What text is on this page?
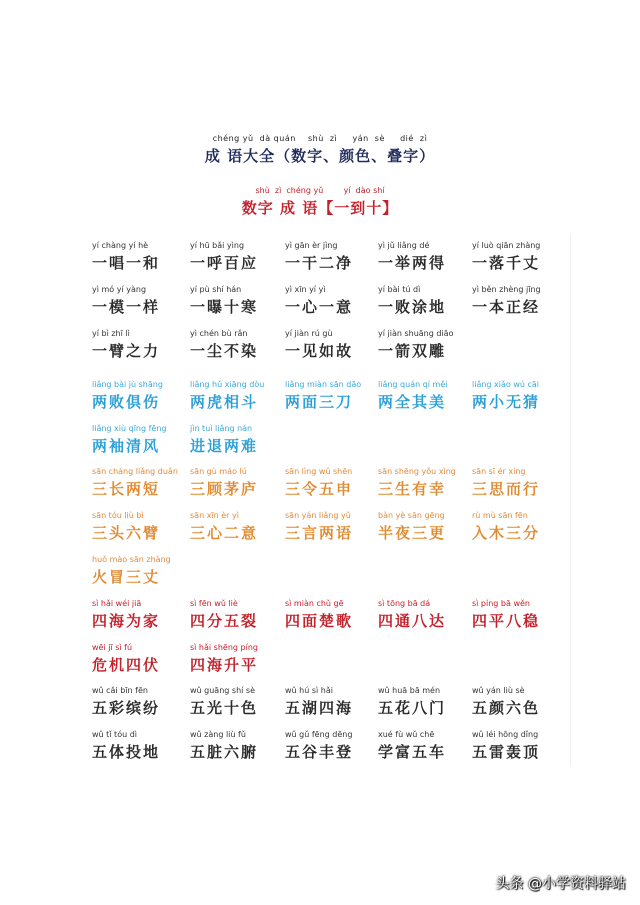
chéng yǔ  dà quán    shù  zì     yán  sè     dié  zì
成 语大全（数字、颜色、叠字）
shù  zì  chéng yǔ        yí  dào shí
数字 成 语【一到十】
yí chàng yí hè
一唱一和
yí hū bǎi yìng
一呼百应
yì gān èr jìng
一干二净
yì jǔ liǎng dé
一举两得
yí luò qiān zhàng
一落千丈
yì mó yí yàng
一模一样
yí pù shí hán
一曝十寒
yì xīn yí yì
一心一意
yí bài tú dì
一败涂地
yì běn zhèng jīng
一本正经
yí bì zhī lì
一臂之力
yì chén bù rǎn
一尘不染
yí jiàn rú gù
一见如故
yí jiàn shuāng diāo
一箭双雕
liǎng bài jù shāng
两败俱伤
liǎng hǔ xiāng dòu
两虎相斗
liǎng miàn sān dāo
两面三刀
liǎng quán qí měi
两全其美
liǎng xiǎo wú cāi
两小无猜
liǎng xiù qīng fēng
两袖清风
jìn tuì liǎng nán
进退两难
sān cháng liǎng duǎn
三长两短
sān gù máo lú
三顾茅庐
sān lìng wǔ shēn
三令五申
sān shēng yǒu xìng
三生有幸
sān sī ér xíng
三思而行
sān tóu liù bì
三头六臂
sān xīn èr yì
三心二意
sān yán liǎng yǔ
三言两语
bàn yè sān gēng
半夜三更
rù mù sān fēn
入木三分
huǒ mào sān zhàng
火冒三丈
sì hǎi wéi jiā
四海为家
sì fēn wǔ liè
四分五裂
sì miàn chǔ gē
四面楚歌
sì tōng bā dá
四通八达
sì píng bā wěn
四平八稳
wēi jī sì fú
危机四伏
sì hǎi shēng píng
四海升平
wǔ cǎi bīn fēn
五彩缤纷
wǔ guāng shí sè
五光十色
wǔ hú sì hǎi
五湖四海
wǔ huā bā mén
五花八门
wǔ yán liù sè
五颜六色
wǔ tǐ tóu dì
五体投地
wǔ zàng liù fǔ
五脏六腑
wǔ gǔ fēng dēng
五谷丰登
xué fù wǔ chē
学富五车
wǔ léi hōng dǐng
五雷轰顶
头条 @小学资料驿站
